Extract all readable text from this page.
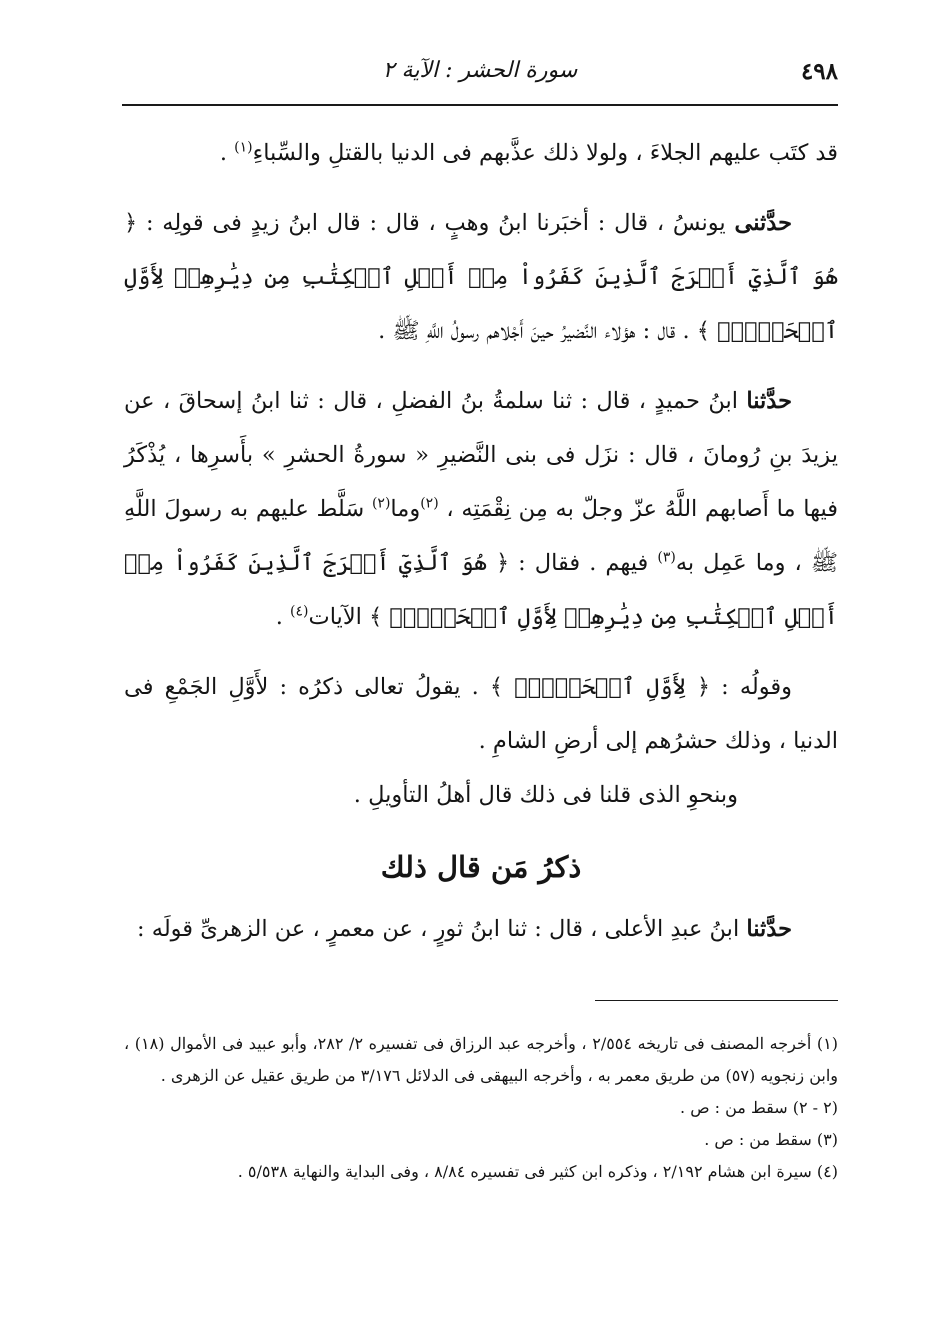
٤٩٨
سورة الحشر : الآية ٢

قد كتَب عليهم الجلاءَ ، ولولا ذلك عذَّبهم فى الدنيا بالقتلِ والسِّباءِ$^{(١)}$ .

حدَّثنى يونسُ ، قال : أخبَرنا ابنُ وهبٍ ، قال : قال ابنُ زيدٍ فى قولِه : ﴿ هُوَ ٱلَّذِيٓ أَخۡرَجَ ٱلَّذِينَ كَفَرُواْ مِنۡ أَهۡلِ ٱلۡكِتَٰبِ مِن دِيَٰرِهِمۡ لِأَوَّلِ ٱلۡحَشۡرِۚ ﴾ . قال : هؤلاء النَّضيرُ حينَ أَجْلاهم رسولُ اللَّهِ ﷺ .

حدَّثنا ابنُ حميدٍ ، قال : ثنا سلمةُ بنُ الفضلِ ، قال : ثنا ابنُ إسحاقَ ، عن يزيدَ بنِ رُومانَ ، قال : نزَل فى بنى النَّضيرِ « سورةُ الحشرِ » بأَسرِها ، يُذْكَرُ فيها ما أَصابهم اللَّهُ عزّ وجلّ به مِن نِقْمَتِه ، $^{(٢)}$وما$^{(٢)}$ سَلَّط عليهم به رسولَ اللَّهِ ﷺ ، وما عَمِل به$^{(٣)}$ فيهم . فقال : ﴿ هُوَ ٱلَّذِيٓ أَخۡرَجَ ٱلَّذِينَ كَفَرُواْ مِنۡ أَهۡلِ ٱلۡكِتَٰبِ مِن دِيَٰرِهِمۡ لِأَوَّلِ ٱلۡحَشۡرِۚ ﴾ الآيات$^{(٤)}$ .

وقولُه : ﴿ لِأَوَّلِ ٱلۡحَشۡرِۚ ﴾ . يقولُ تعالى ذكرُه : لأَوَّلِ الجَمْعِ فى الدنيا ، وذلك حشرُهم إلى أرضِ الشامِ .

وبنحوِ الذى قلنا فى ذلك قال أهلُ التأويلِ .

ذكرُ مَن قال ذلك

حدَّثنا ابنُ عبدِ الأعلى ، قال : ثنا ابنُ ثورٍ ، عن معمرٍ ، عن الزهرىِّ قولَه :

(١) أخرجه المصنف فى تاريخه ٢/٥٥٤ ، وأخرجه عبد الرزاق فى تفسيره ٢/ ٢٨٢، وأبو عبيد فى الأموال (١٨) ، وابن زنجويه (٥٧) من طريق معمر به ، وأخرجه البيهقى فى الدلائل ٣/١٧٦ من طريق عقيل عن الزهرى .

(٢ - ٢) سقط من : ص .

(٣) سقط من : ص .

(٤) سيرة ابن هشام ٢/١٩٢ ، وذكره ابن كثير فى تفسيره ٨/٨٤ ، وفى البداية والنهاية ٥/٥٣٨ .
